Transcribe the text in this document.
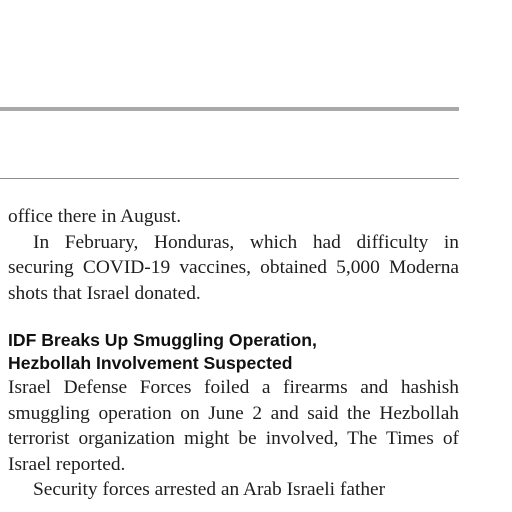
office there in August.

In February, Honduras, which had difficulty in securing COVID-19 vaccines, obtained 5,000 Moderna shots that Israel donated.

IDF Breaks Up Smuggling Operation,
Hezbollah Involvement Suspected

Israel Defense Forces foiled a firearms and hashish smuggling operation on June 2 and said the Hezbollah terrorist organization might be involved, The Times of Israel reported.

Security forces arrested an Arab Israeli father
